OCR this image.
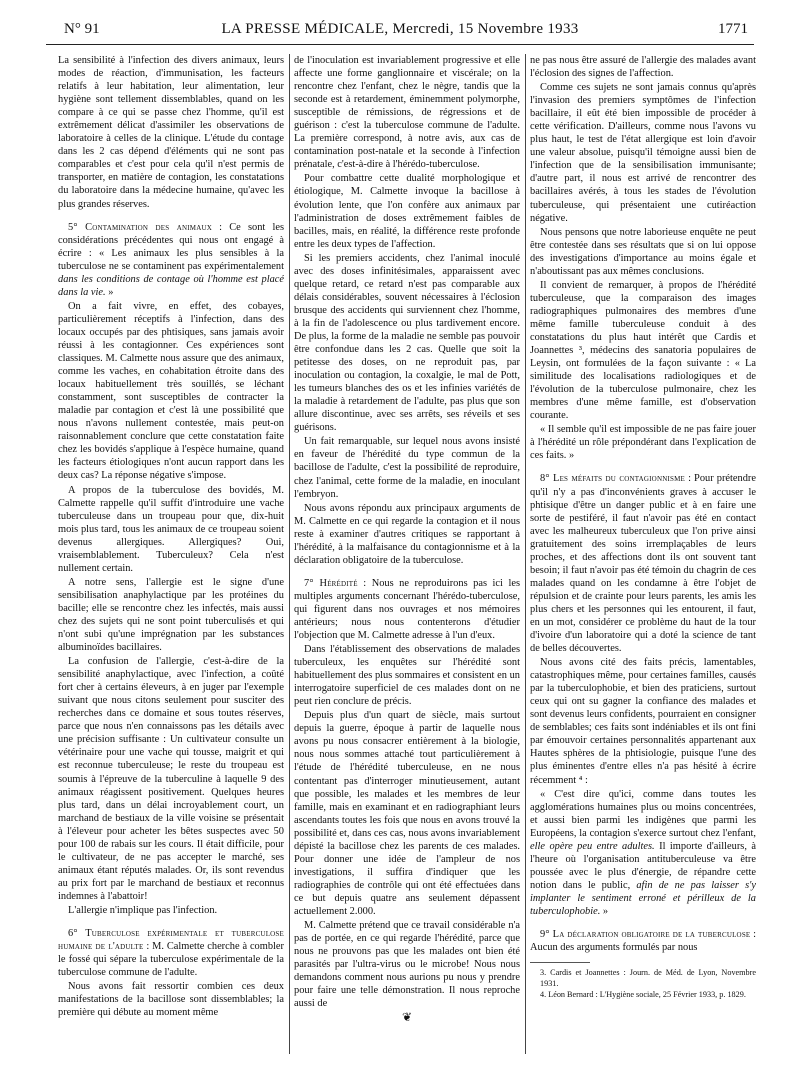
N° 91	LA PRESSE MÉDICALE, Mercredi, 15 Novembre 1933	1771

La sensibilité à l'infection des divers animaux, leurs modes de réaction, d'immunisation, les facteurs relatifs à leur habitation, leur alimentation, leur hygiène sont tellement dissemblables, quand on les compare à ce qui se passe chez l'homme, qu'il est extrêmement délicat d'assimiler les observations de laboratoire à celles de la clinique. L'étude du contage dans les 2 cas dépend d'éléments qui ne sont pas comparables et c'est pour cela qu'il n'est permis de transporter, en matière de contagion, les constatations du laboratoire dans la médecine humaine, qu'avec les plus grandes réserves.

5° Contamination des animaux : Ce sont les considérations précédentes qui nous ont engagé à écrire : « Les animaux les plus sensibles à la tuberculose ne se contaminent pas expérimentalement dans les conditions de contage où l'homme est placé dans la vie. »

On a fait vivre, en effet, des cobayes, particulièrement réceptifs à l'infection, dans des locaux occupés par des phtisiques, sans jamais avoir réussi à les contagionner. Ces expériences sont classiques. M. Calmette nous assure que des animaux, comme les vaches, en cohabitation étroite dans des locaux habituellement très souillés, se léchant constamment, sont susceptibles de contracter la maladie par contagion et c'est là une possibilité que nous n'avons nullement contestée, mais peut-on raisonnablement conclure que cette constatation faite chez les bovidés s'applique à l'espèce humaine, quand les facteurs étiologiques n'ont aucun rapport dans les deux cas? La réponse négative s'impose.

A propos de la tuberculose des bovidés, M. Calmette rappelle qu'il suffit d'introduire une vache tuberculeuse dans un troupeau pour que, dix-huit mois plus tard, tous les animaux de ce troupeau soient devenus allergiques. Allergiques? Oui, vraisemblablement. Tuberculeux? Cela n'est nullement certain.

A notre sens, l'allergie est le signe d'une sensibilisation anaphylactique par les protéines du bacille; elle se rencontre chez les infectés, mais aussi chez des sujets qui ne sont point tuberculisés et qui n'ont subi qu'une imprégnation par les substances albuminoïdes bacillaires.

La confusion de l'allergie, c'est-à-dire de la sensibilité anaphylactique, avec l'infection, a coûté fort cher à certains éleveurs, à en juger par l'exemple suivant que nous citons seulement pour susciter des recherches dans ce domaine et sous toutes réserves, parce que nous n'en connaissons pas les détails avec une précision suffisante : Un cultivateur consulte un vétérinaire pour une vache qui tousse, maigrit et qui est reconnue tuberculeuse; le reste du troupeau est soumis à l'épreuve de la tuberculine à laquelle 9 des animaux réagissent positivement. Quelques heures plus tard, dans un délai incroyablement court, un marchand de bestiaux de la ville voisine se présentait à l'éleveur pour acheter les bêtes suspectes avec 50 pour 100 de rabais sur les cours. Il était difficile, pour le cultivateur, de ne pas accepter le marché, ses animaux étant réputés malades. Or, ils sont revendus au prix fort par le marchand de bestiaux et reconnus indemnes à l'abattoir!

L'allergie n'implique pas l'infection.

6° Tuberculose expérimentale et tuberculose humaine de l'adulte : M. Calmette cherche à combler le fossé qui sépare la tuberculose expérimentale de la tuberculose commune de l'adulte.

Nous avons fait ressortir combien ces deux manifestations de la bacillose sont dissemblables; la première qui débute au moment même

de l'inoculation est invariablement progressive et elle affecte une forme ganglionnaire et viscérale; on la rencontre chez l'enfant, chez le nègre, tandis que la seconde est à retardement, éminemment polymorphe, susceptible de rémissions, de régressions et de guérison : c'est la tuberculose commune de l'adulte. La première correspond, à notre avis, aux cas de contamination post-natale et la seconde à l'infection prénatale, c'est-à-dire à l'hérédo-tuberculose.

Pour combattre cette dualité morphologique et étiologique, M. Calmette invoque la bacillose à évolution lente, que l'on confère aux animaux par l'administration de doses extrêmement faibles de bacilles, mais, en réalité, la différence reste profonde entre les deux types de l'affection.

Si les premiers accidents, chez l'animal inoculé avec des doses infinitésimales, apparaissent avec quelque retard, ce retard n'est pas comparable aux délais considérables, souvent nécessaires à l'éclosion brusque des accidents qui surviennent chez l'homme, à la fin de l'adolescence ou plus tardivement encore. De plus, la forme de la maladie ne semble pas pouvoir être confondue dans les 2 cas. Quelle que soit la petitesse des doses, on ne reproduit pas, par inoculation ou contagion, la coxalgie, le mal de Pott, les tumeurs blanches des os et les infinies variétés de la maladie à retardement de l'adulte, pas plus que son allure discontinue, avec ses arrêts, ses réveils et ses guérisons.

Un fait remarquable, sur lequel nous avons insisté en faveur de l'hérédité du type commun de la bacillose de l'adulte, c'est la possibilité de reproduire, chez l'animal, cette forme de la maladie, en inoculant l'embryon.

Nous avons répondu aux principaux arguments de M. Calmette en ce qui regarde la contagion et il nous reste à examiner d'autres critiques se rapportant à l'hérédité, à la malfaisance du contagionnisme et à la déclaration obligatoire de la tuberculose.

7° Hérédité : Nous ne reproduirons pas ici les multiples arguments concernant l'hérédo-tuberculose, qui figurent dans nos ouvrages et nos mémoires antérieurs; nous nous contenterons d'étudier l'objection que M. Calmette adresse à l'un d'eux.

Dans l'établissement des observations de malades tuberculeux, les enquêtes sur l'hérédité sont habituellement des plus sommaires et consistent en un interrogatoire superficiel de ces malades dont on ne peut rien conclure de précis.

Depuis plus d'un quart de siècle, mais surtout depuis la guerre, époque à partir de laquelle nous avons pu nous consacrer entièrement à la biologie, nous nous sommes attaché tout particulièrement à l'étude de l'hérédité tuberculeuse, en ne nous contentant pas d'interroger minutieusement, autant que possible, les malades et les membres de leur famille, mais en examinant et en radiographiant leurs ascendants toutes les fois que nous en avons trouvé la possibilité et, dans ces cas, nous avons invariablement dépisté la bacillose chez les parents de ces malades. Pour donner une idée de l'ampleur de nos investigations, il suffira d'indiquer que les radiographies de contrôle qui ont été effectuées dans ce but depuis quatre ans seulement dépassent actuellement 2.000.

M. Calmette prétend que ce travail considérable n'a pas de portée, en ce qui regarde l'hérédité, parce que nous ne prouvons pas que les malades ont bien été parasités par l'ultra-virus ou le microbe! Nous nous demandons comment nous aurions pu nous y prendre pour faire une telle démonstration. Il nous reproche aussi de

❦

ne pas nous être assuré de l'allergie des malades avant l'éclosion des signes de l'affection.

Comme ces sujets ne sont jamais connus qu'après l'invasion des premiers symptômes de l'infection bacillaire, il eût été bien impossible de procéder à cette vérification. D'ailleurs, comme nous l'avons vu plus haut, le test de l'état allergique est loin d'avoir une valeur absolue, puisqu'il témoigne aussi bien de l'infection que de la sensibilisation immunisante; d'autre part, il nous est arrivé de rencontrer des bacillaires avérés, à tous les stades de l'évolution tuberculeuse, qui présentaient une cutiréaction négative.

Nous pensons que notre laborieuse enquête ne peut être contestée dans ses résultats que si on lui oppose des investigations d'importance au moins égale et n'aboutissant pas aux mêmes conclusions.

Il convient de remarquer, à propos de l'hérédité tuberculeuse, que la comparaison des images radiographiques pulmonaires des membres d'une même famille tuberculeuse conduit à des constatations du plus haut intérêt que Cardis et Joannettes ³, médecins des sanatoria populaires de Leysin, ont formulées de la façon suivante : « La similitude des localisations radiologiques et de l'évolution de la tuberculose pulmonaire, chez les membres d'une même famille, est d'observation courante.

« Il semble qu'il est impossible de ne pas faire jouer à l'hérédité un rôle prépondérant dans l'explication de ces faits. »

8° Les méfaits du contagionnisme : Pour prétendre qu'il n'y a pas d'inconvénients graves à accuser le phtisique d'être un danger public et à en faire une sorte de pestiféré, il faut n'avoir pas été en contact avec les malheureux tuberculeux que l'on prive ainsi gratuitement des soins irremplaçables de leurs proches, et des affections dont ils ont souvent tant besoin; il faut n'avoir pas été témoin du chagrin de ces malades quand on les condamne à être l'objet de répulsion et de crainte pour leurs parents, les amis les plus chers et les personnes qui les entourent, il faut, en un mot, considérer ce problème du haut de la tour d'ivoire d'un laboratoire qui a doté la science de tant de belles découvertes.

Nous avons cité des faits précis, lamentables, catastrophiques même, pour certaines familles, causés par la tuberculophobie, et bien des praticiens, surtout ceux qui ont su gagner la confiance des malades et sont devenus leurs confidents, pourraient en consigner de semblables; ces faits sont indéniables et ils ont fini par émouvoir certaines personnalités appartenant aux Hautes sphères de la phtisiologie, puisque l'une des plus éminentes d'entre elles n'a pas hésité à écrire récemment ⁴ :

« C'est dire qu'ici, comme dans toutes les agglomérations humaines plus ou moins concentrées, et aussi bien parmi les indigènes que parmi les Européens, la contagion s'exerce surtout chez l'enfant, elle opère peu entre adultes. Il importe d'ailleurs, à l'heure où l'organisation antituberculeuse va être poussée avec le plus d'énergie, de répandre cette notion dans le public, afin de ne pas laisser s'y implanter le sentiment erroné et périlleux de la tuberculophobie. »

9° La déclaration obligatoire de la tuberculose : Aucun des arguments formulés par nous

3. Cardis et Joannettes : Journ. de Méd. de Lyon, Novembre 1931.

4. Léon Bernard : L'Hygiène sociale, 25 Février 1933, p. 1829.
